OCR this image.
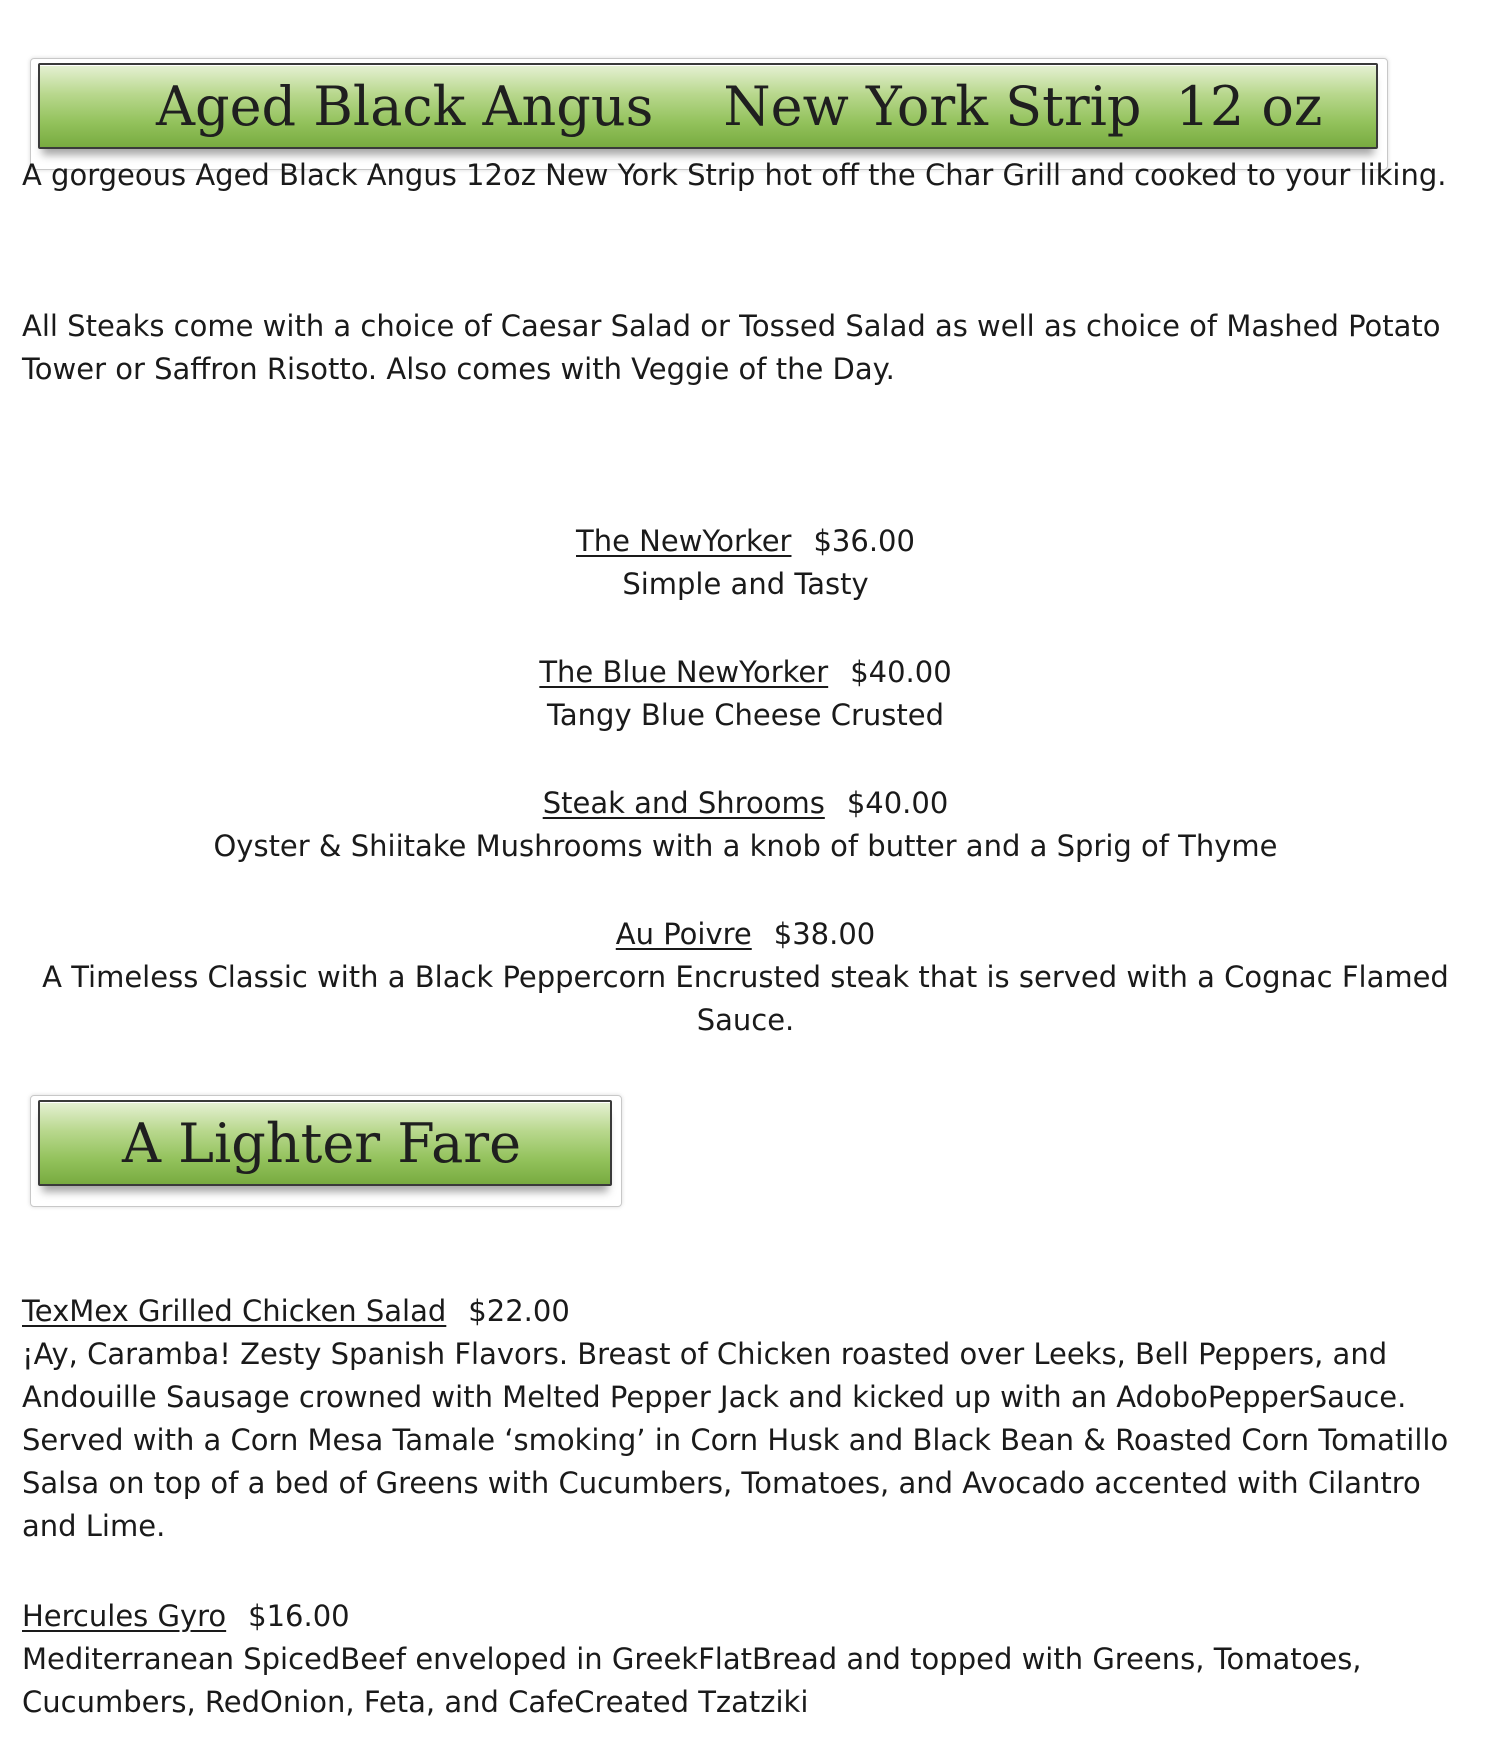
Aged Black Angus New York Strip 12 oz

A gorgeous Aged Black Angus 12oz New York Strip hot off the Char Grill and cooked to your liking.

All Steaks come with a choice of Caesar Salad or Tossed Salad as well as choice of Mashed Potato Tower or Saffron Risotto. Also comes with Veggie of the Day.

The NewYorker $36.00
Simple and Tasty
The Blue NewYorker $40.00
Tangy Blue Cheese Crusted
Steak and Shrooms $40.00
Oyster & Shiitake Mushrooms with a knob of butter and a Sprig of Thyme
Au Poivre $38.00
A Timeless Classic with a Black Peppercorn Encrusted steak that is served with a Cognac Flamed Sauce.
A Lighter Fare
TexMex Grilled Chicken Salad $22.00
¡Ay, Caramba! Zesty Spanish Flavors. Breast of Chicken roasted over Leeks, Bell Peppers, and Andouille Sausage crowned with Melted Pepper Jack and kicked up with an AdoboPepperSauce. Served with a Corn Mesa Tamale ‘smoking’ in Corn Husk and Black Bean & Roasted Corn Tomatillo Salsa on top of a bed of Greens with Cucumbers, Tomatoes, and Avocado accented with Cilantro and Lime.
Hercules Gyro $16.00
Mediterranean SpicedBeef enveloped in GreekFlatBread and topped with Greens, Tomatoes, Cucumbers, RedOnion, Feta, and CafeCreated Tzatziki
